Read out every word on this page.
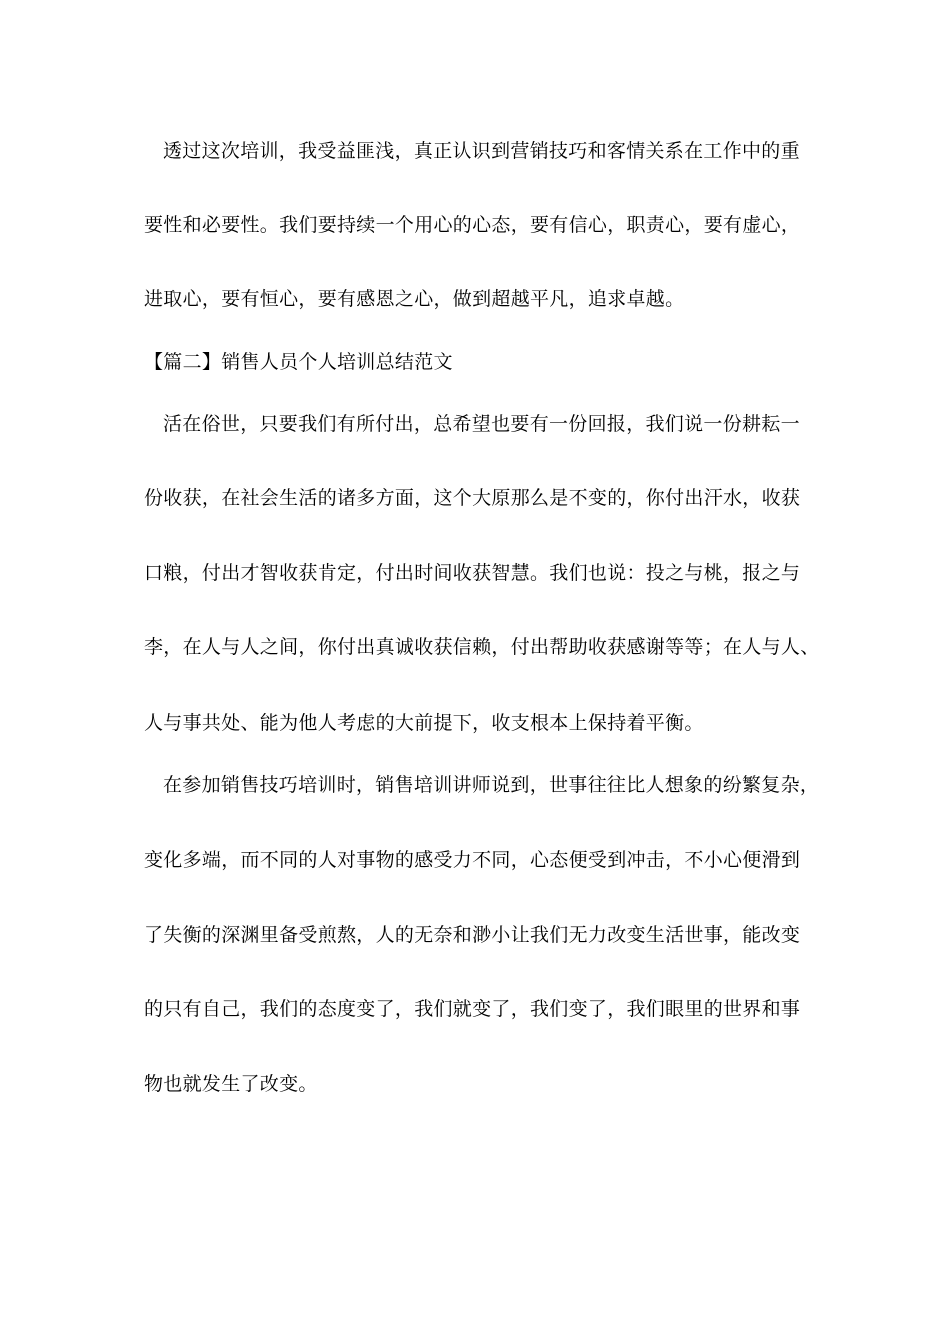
透过这次培训，我受益匪浅，真正认识到营销技巧和客情关系在工作中的重
要性和必要性。我们要持续一个用心的心态，要有信心，职责心，要有虚心，
进取心，要有恒心，要有感恩之心，做到超越平凡，追求卓越。
【篇二】销售人员个人培训总结范文
活在俗世，只要我们有所付出，总希望也要有一份回报，我们说一份耕耘一
份收获，在社会生活的诸多方面，这个大原那么是不变的，你付出汗水，收获
口粮，付出才智收获肯定，付出时间收获智慧。我们也说：投之与桃，报之与
李，在人与人之间，你付出真诚收获信赖，付出帮助收获感谢等等；在人与人、
人与事共处、能为他人考虑的大前提下，收支根本上保持着平衡。
在参加销售技巧培训时，销售培训讲师说到，世事往往比人想象的纷繁复杂，
变化多端，而不同的人对事物的感受力不同，心态便受到冲击，不小心便滑到
了失衡的深渊里备受煎熬，人的无奈和渺小让我们无力改变生活世事，能改变
的只有自己，我们的态度变了，我们就变了，我们变了，我们眼里的世界和事
物也就发生了改变。
